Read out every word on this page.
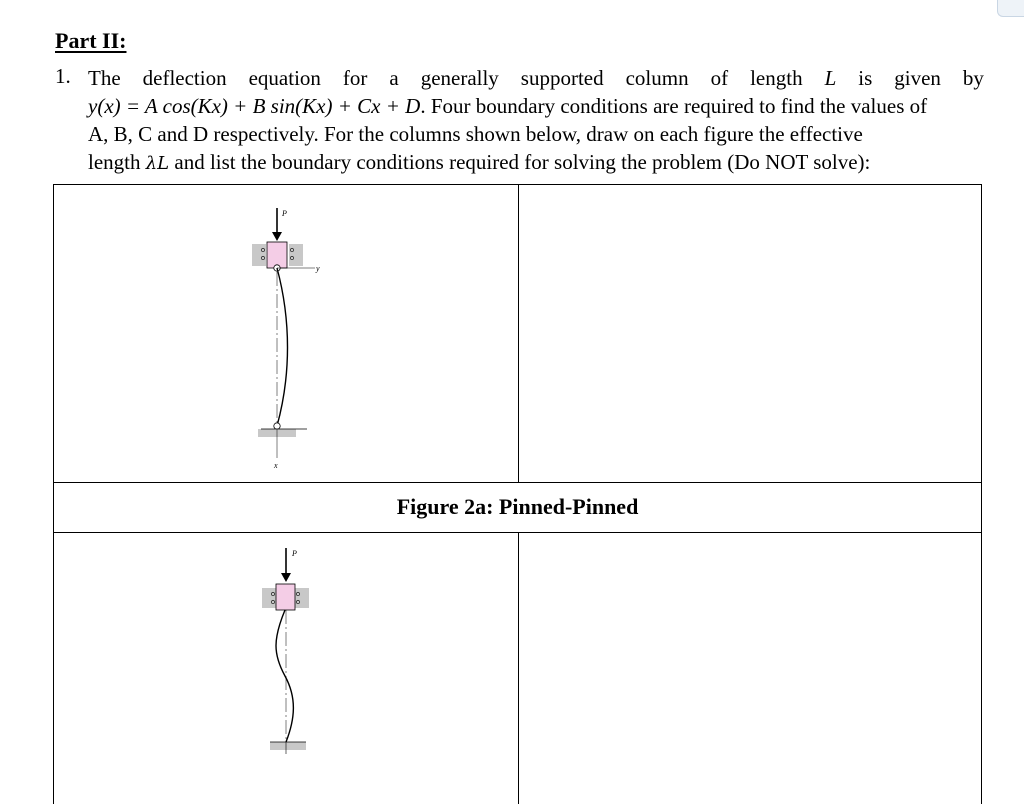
Part II:
1. The deflection equation for a generally supported column of length L is given by
y(x) = A cos(Kx) + B sin(Kx) + Cx + D. Four boundary conditions are required to find the values of
A, B, C and D respectively. For the columns shown below, draw on each figure the effective
length λL and list the boundary conditions required for solving the problem (Do NOT solve):
Figure 2a: Pinned-Pinned
P
y
x
P
